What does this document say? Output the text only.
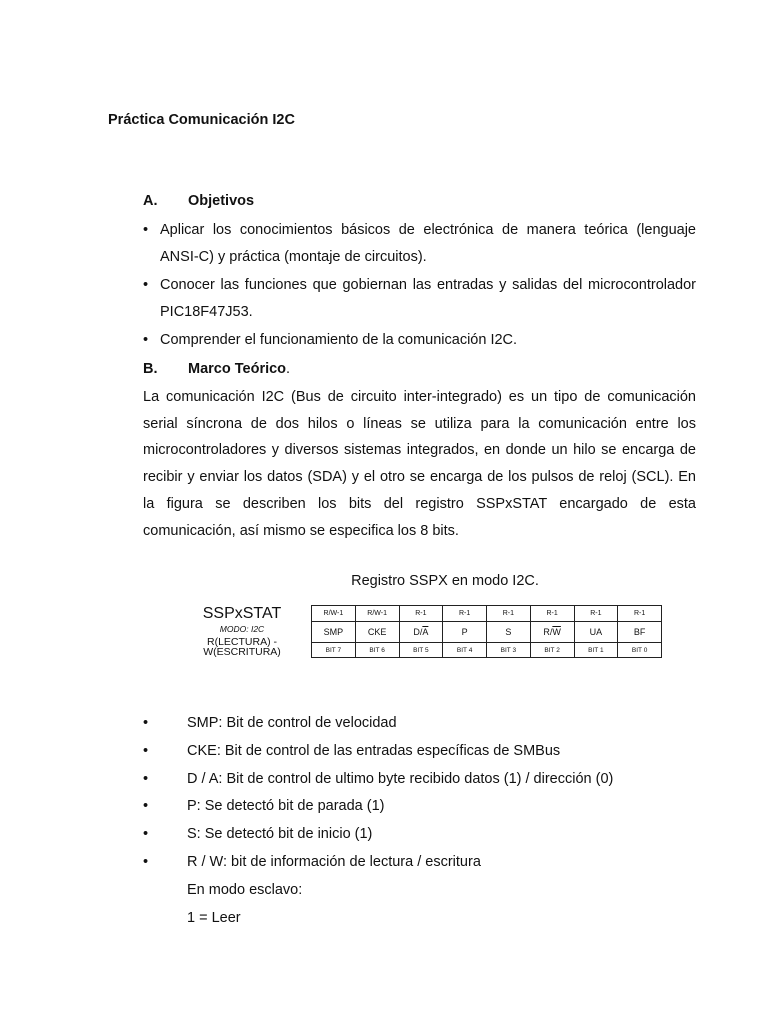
Práctica Comunicación I2C
A. Objetivos
• Aplicar los conocimientos básicos de electrónica de manera teórica (lenguaje ANSI-C) y práctica (montaje de circuitos).
• Conocer las funciones que gobiernan las entradas y salidas del microcontrolador PIC18F47J53.
• Comprender el funcionamiento de la comunicación I2C.
B. Marco Teórico.
La comunicación I2C (Bus de circuito inter-integrado) es un tipo de comunicación serial síncrona de dos hilos o líneas se utiliza para la comunicación entre los microcontroladores y diversos sistemas integrados, en donde un hilo se encarga de recibir y enviar los datos (SDA) y el otro se encarga de los pulsos de reloj (SCL). En la figura se describen los bits del registro SSPxSTAT encargado de esta comunicación, así mismo se especifica los 8 bits.
Registro SSPX en modo I2C.
SSPxSTAT
MODO: I2C
R(LECTURA) - W(ESCRITURA)
R/W-1	R/W-1	R-1	R-1	R-1	R-1	R-1	R-1
SMP	CKE	$D/\overline{A}$	P	S	$R/\overline{W}$	UA	BF
BIT 7	BIT 6	BIT 5	BIT 4	BIT 3	BIT 2	BIT 1	BIT 0
• SMP: Bit de control de velocidad
• CKE: Bit de control de las entradas específicas de SMBus
• D / A: Bit de control de ultimo byte recibido datos (1) / dirección (0)
• P: Se detectó bit de parada (1)
• S: Se detectó bit de inicio (1)
• R / W: bit de información de lectura / escritura
En modo esclavo:
1 = Leer
